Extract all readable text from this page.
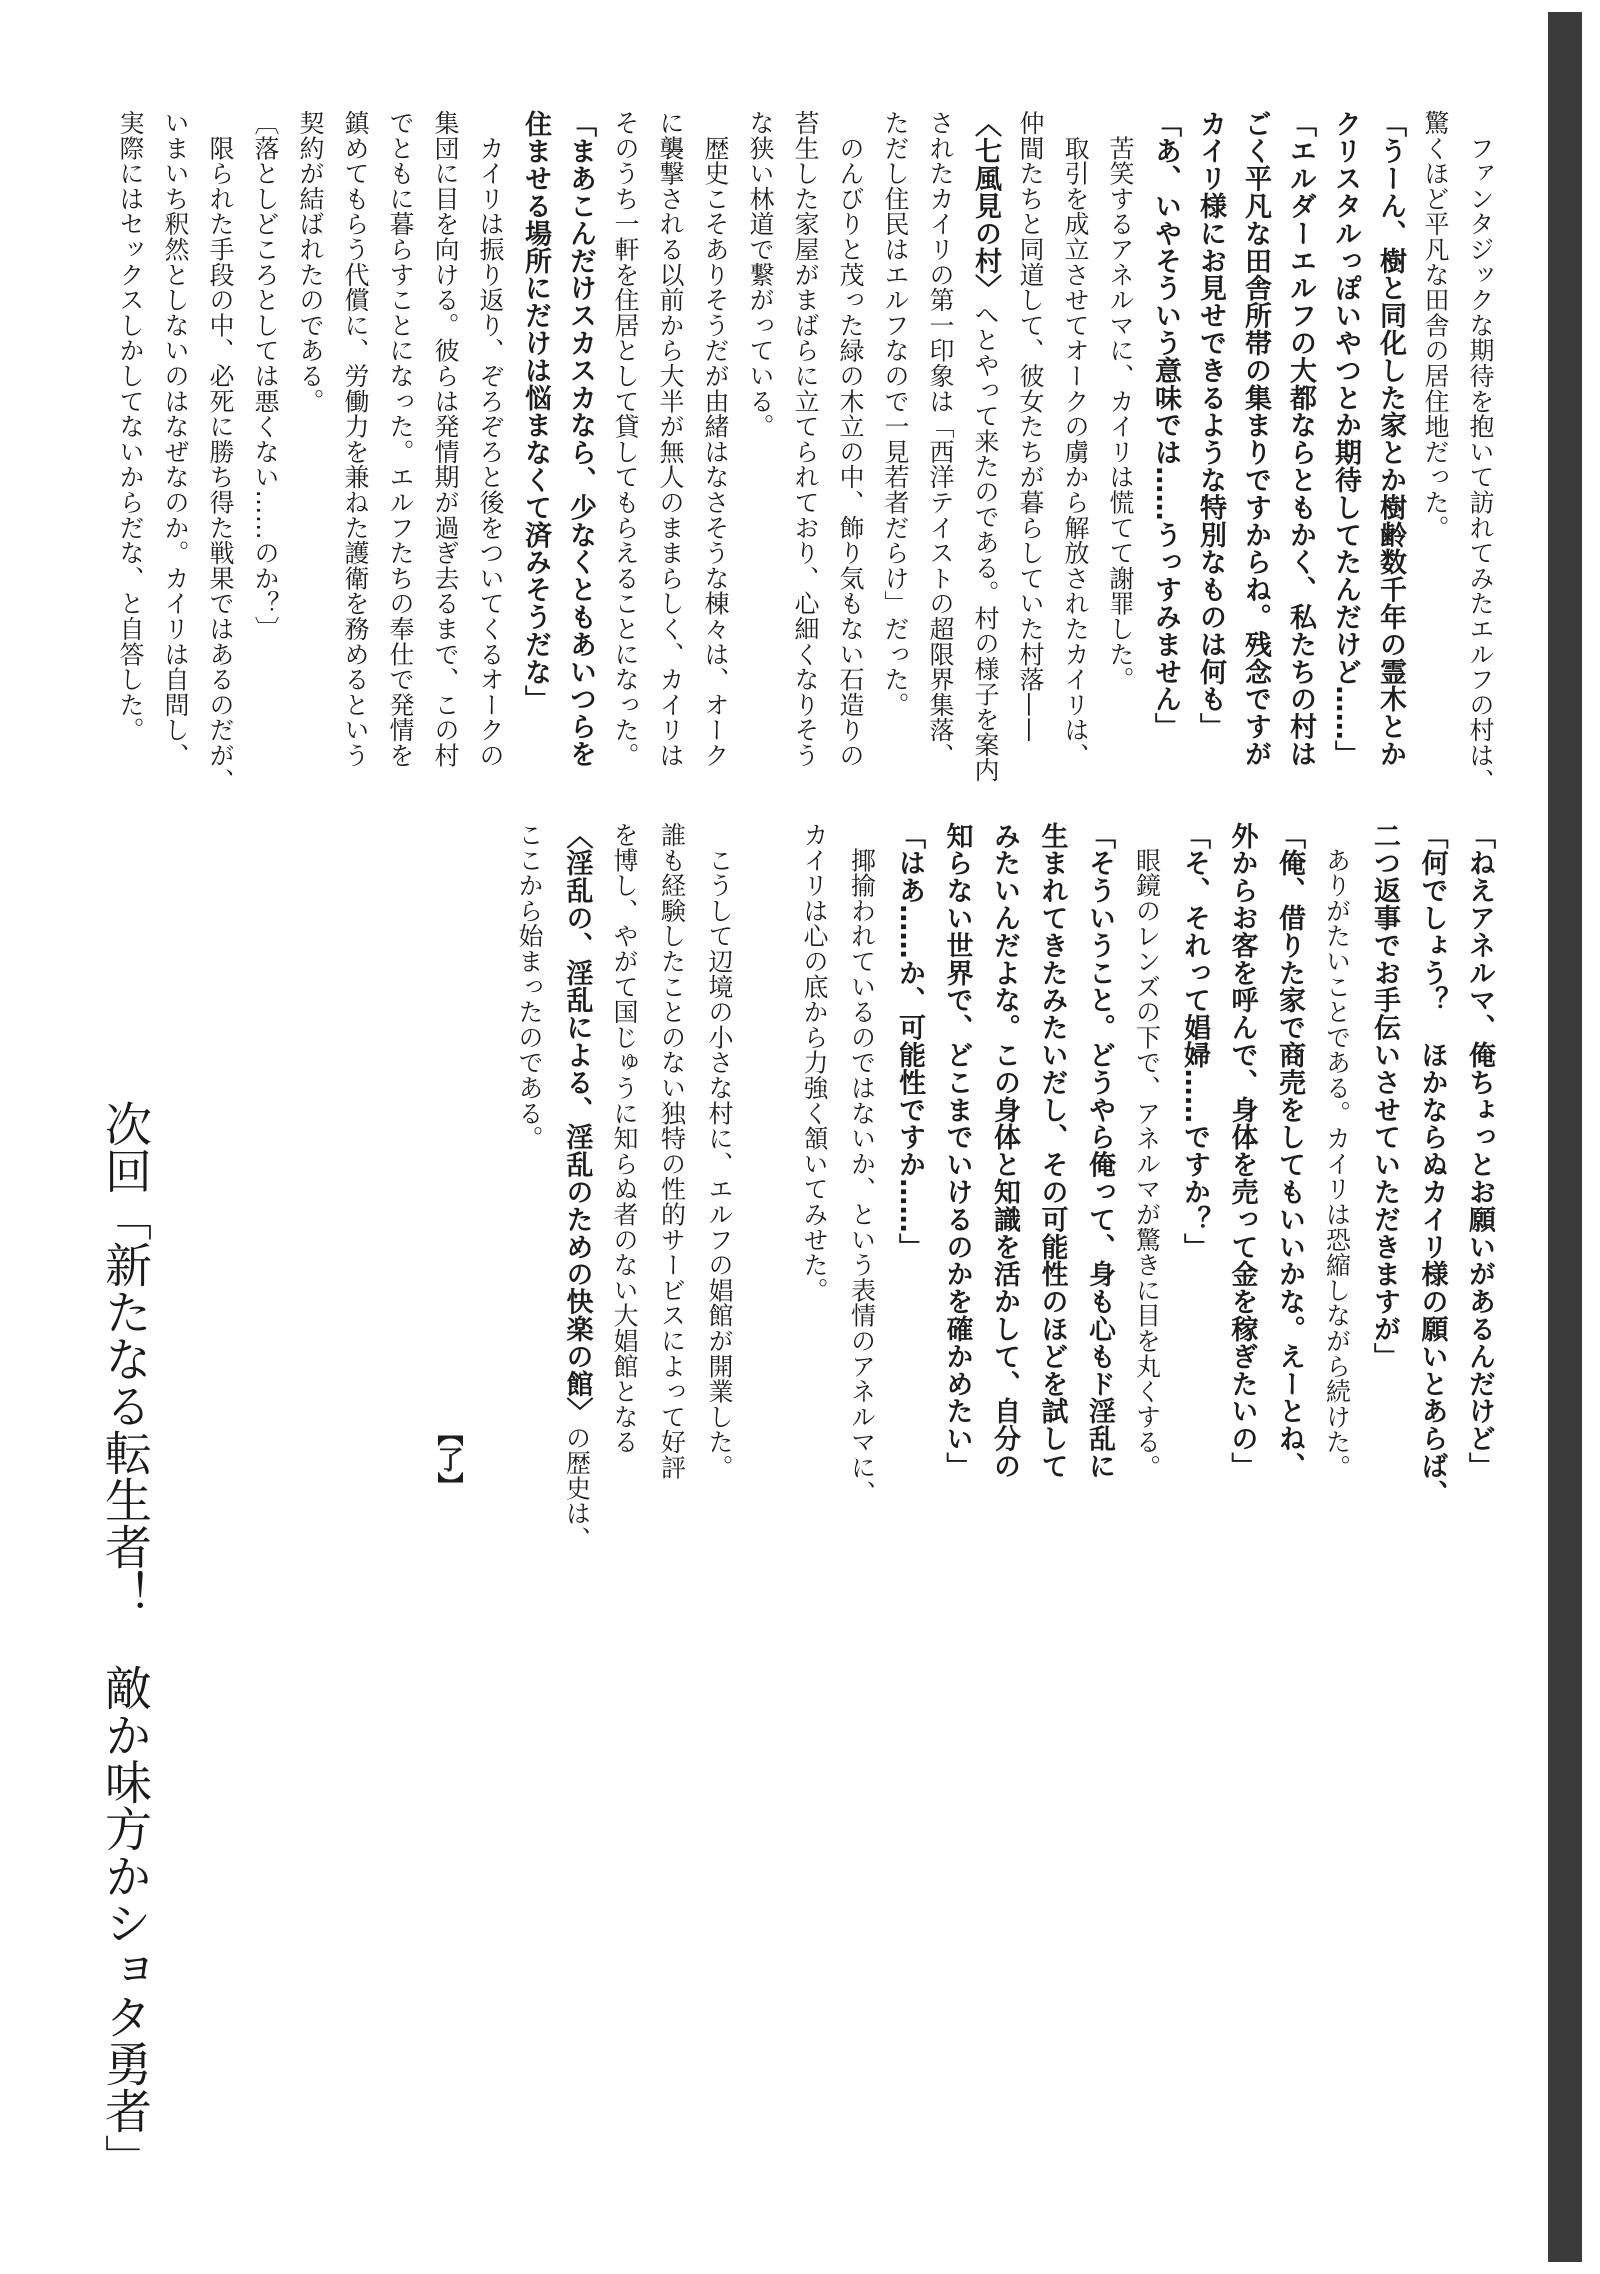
　ファンタジックな期待を抱いて訪れてみたエルフの村は、
驚くほど平凡な田舎の居住地だった。
「うーん、樹と同化した家とか樹齢数千年の霊木とか
クリスタルっぽいやつとか期待してたんだけど……」
「エルダーエルフの大都ならともかく、私たちの村は
ごく平凡な田舎所帯の集まりですからね。残念ですが
カイリ様にお見せできるような特別なものは何も」
「あ、いやそういう意味では……うっすみません」
　苦笑するアネルマに、カイリは慌てて謝罪した。
　取引を成立させてオークの虜から解放されたカイリは、
仲間たちと同道して、彼女たちが暮らしていた村落——
〈七風見の村〉へとやって来たのである。村の様子を案内
されたカイリの第一印象は「西洋テイストの超限界集落、
ただし住民はエルフなので一見若者だらけ」だった。
　のんびりと茂った緑の木立の中、飾り気もない石造りの
苔生した家屋がまばらに立てられており、心細くなりそう
な狭い林道で繋がっている。
　歴史こそありそうだが由緒はなさそうな棟々は、オーク
に襲撃される以前から大半が無人のままらしく、カイリは
そのうち一軒を住居として貸してもらえることになった。
「まあこんだけスカスカなら、少なくともあいつらを
住ませる場所にだけは悩まなくて済みそうだな」
　カイリは振り返り、ぞろぞろと後をついてくるオークの
集団に目を向ける。彼らは発情期が過ぎ去るまで、この村
でともに暮らすことになった。エルフたちの奉仕で発情を
鎮めてもらう代償に、労働力を兼ねた護衛を務めるという
契約が結ばれたのである。
〔落としどころとしては悪くない……のか？〕
　限られた手段の中、必死に勝ち得た戦果ではあるのだが、
いまいち釈然としないのはなぜなのか。カイリは自問し、
実際にはセックスしかしてないからだな、と自答した。
「ねえアネルマ、俺ちょっとお願いがあるんだけど」
「何でしょう？　ほかならぬカイリ様の願いとあらば、
二つ返事でお手伝いさせていただきますが」
　ありがたいことである。カイリは恐縮しながら続けた。
「俺、借りた家で商売をしてもいいかな。えーとね、
外からお客を呼んで、身体を売って金を稼ぎたいの」
「そ、それって娼婦……ですか？」
　眼鏡のレンズの下で、アネルマが驚きに目を丸くする。
「そういうこと。どうやら俺って、身も心もド淫乱に
生まれてきたみたいだし、その可能性のほどを試して
みたいんだよな。この身体と知識を活かして、自分の
知らない世界で、どこまでいけるのかを確かめたい」
「はあ……か、可能性ですか……」
　揶揄われているのではないか、という表情のアネルマに、
カイリは心の底から力強く頷いてみせた。
　こうして辺境の小さな村に、エルフの娼館が開業した。
誰も経験したことのない独特の性的サービスによって好評
を博し、やがて国じゅうに知らぬ者のない大娼館となる
〈淫乱の、淫乱による、淫乱のための快楽の館〉の歴史は、
ここから始まったのである。
【了】
次回「新たなる転生者！　敵か味方かショタ勇者」
